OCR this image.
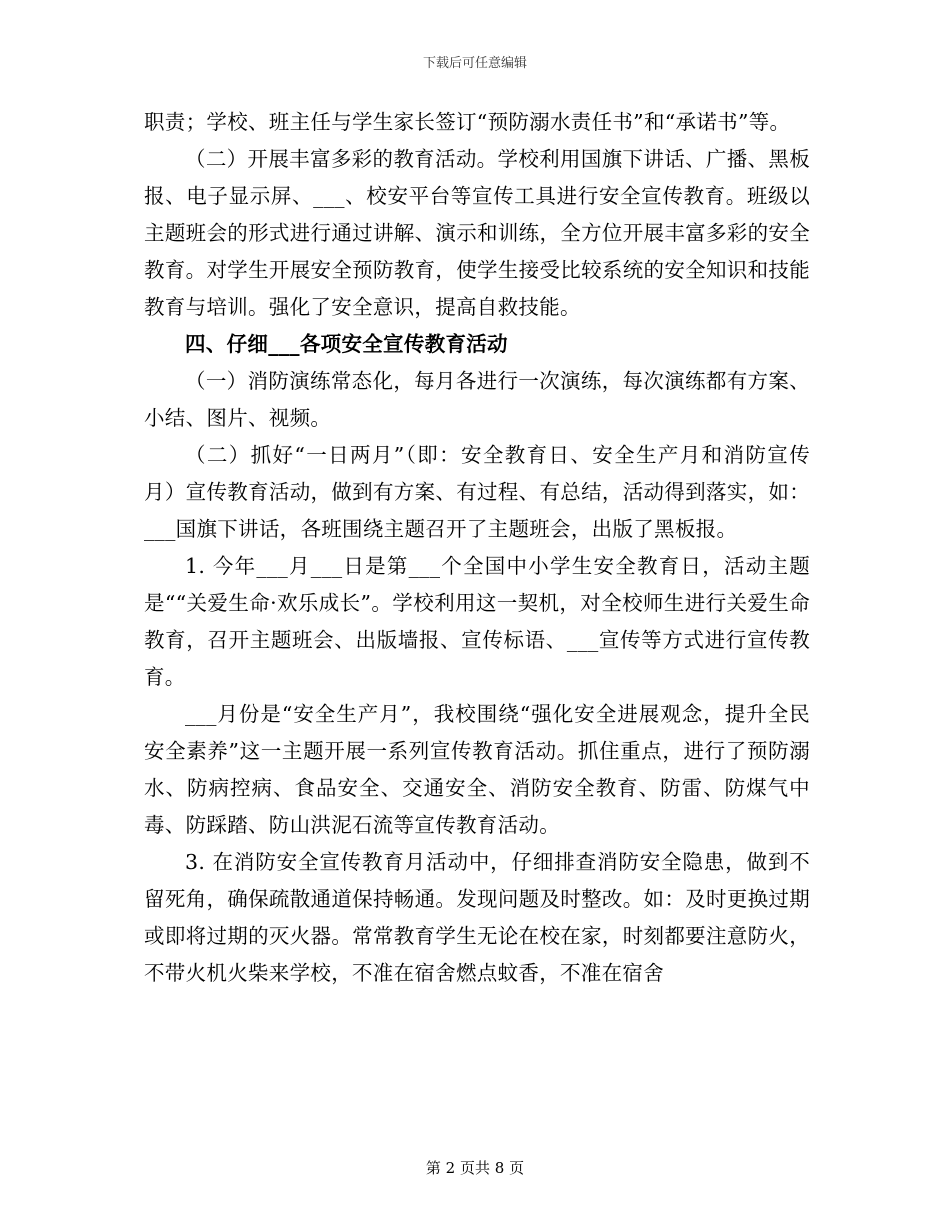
下载后可任意编辑

职责；学校、班主任与学生家长签订“预防溺水责任书”和“承诺书”等。

（二）开展丰富多彩的教育活动。学校利用国旗下讲话、广播、黑板报、电子显示屏、___、校安平台等宣传工具进行安全宣传教育。班级以主题班会的形式进行通过讲解、演示和训练，全方位开展丰富多彩的安全教育。对学生开展安全预防教育，使学生接受比较系统的安全知识和技能教育与培训。强化了安全意识，提高自救技能。

四、仔细___各项安全宣传教育活动

（一）消防演练常态化，每月各进行一次演练，每次演练都有方案、小结、图片、视频。

（二）抓好“一日两月”（即：安全教育日、安全生产月和消防宣传月）宣传教育活动，做到有方案、有过程、有总结，活动得到落实，如：___国旗下讲话，各班围绕主题召开了主题班会，出版了黑板报。

1. 今年___月___日是第___个全国中小学生安全教育日，活动主题是““关爱生命·欢乐成长”。学校利用这一契机，对全校师生进行关爱生命教育，召开主题班会、出版墙报、宣传标语、___宣传等方式进行宣传教育。

___月份是“安全生产月”，我校围绕“强化安全进展观念，提升全民安全素养”这一主题开展一系列宣传教育活动。抓住重点，进行了预防溺水、防病控病、食品安全、交通安全、消防安全教育、防雷、防煤气中毒、防踩踏、防山洪泥石流等宣传教育活动。

3. 在消防安全宣传教育月活动中，仔细排查消防安全隐患，做到不留死角，确保疏散通道保持畅通。发现问题及时整改。如：及时更换过期或即将过期的灭火器。常常教育学生无论在校在家，时刻都要注意防火，不带火机火柴来学校，不准在宿舍燃点蚊香，不准在宿舍

第 2 页共 8 页
